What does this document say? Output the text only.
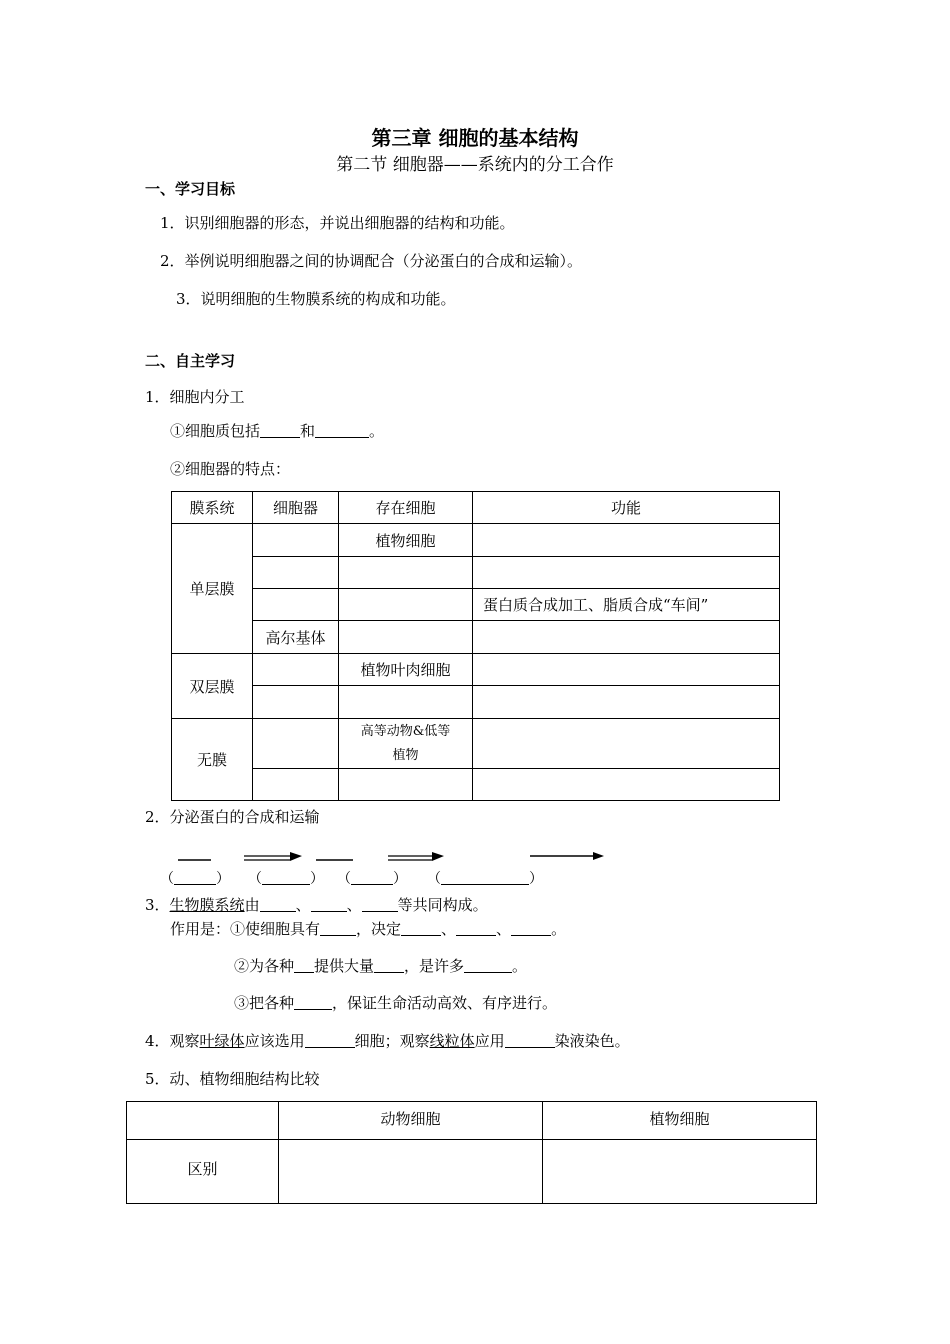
第三章 细胞的基本结构
第二节 细胞器——系统内的分工合作
一、学习目标
1．识别细胞器的形态，并说出细胞器的结构和功能。
2．举例说明细胞器之间的协调配合（分泌蛋白的合成和运输）。
3．说明细胞的生物膜系统的构成和功能。
二、自主学习
1．细胞内分工
①细胞质包括	和	。
②细胞器的特点：
膜系统	细胞器	存在细胞	功能
单层膜		植物细胞	

			蛋白质合成加工、脂质合成“车间”
	高尔基体		
双层膜		植物叶肉细胞	

无膜		高等动物&低等植物	

2．分泌蛋白的合成和运输
（	） （	） （	） （	）
3．生物膜系统由 、 、 等共同构成。
作用是：①使细胞具有 ，决定	、	、	。
②为各种 提供大量 ，是许多	。
③把各种	，保证生命活动高效、有序进行。
4．观察叶绿体应该选用	细胞；观察线粒体应用	染液染色。
5．动、植物细胞结构比较
	动物细胞	植物细胞
区别		
